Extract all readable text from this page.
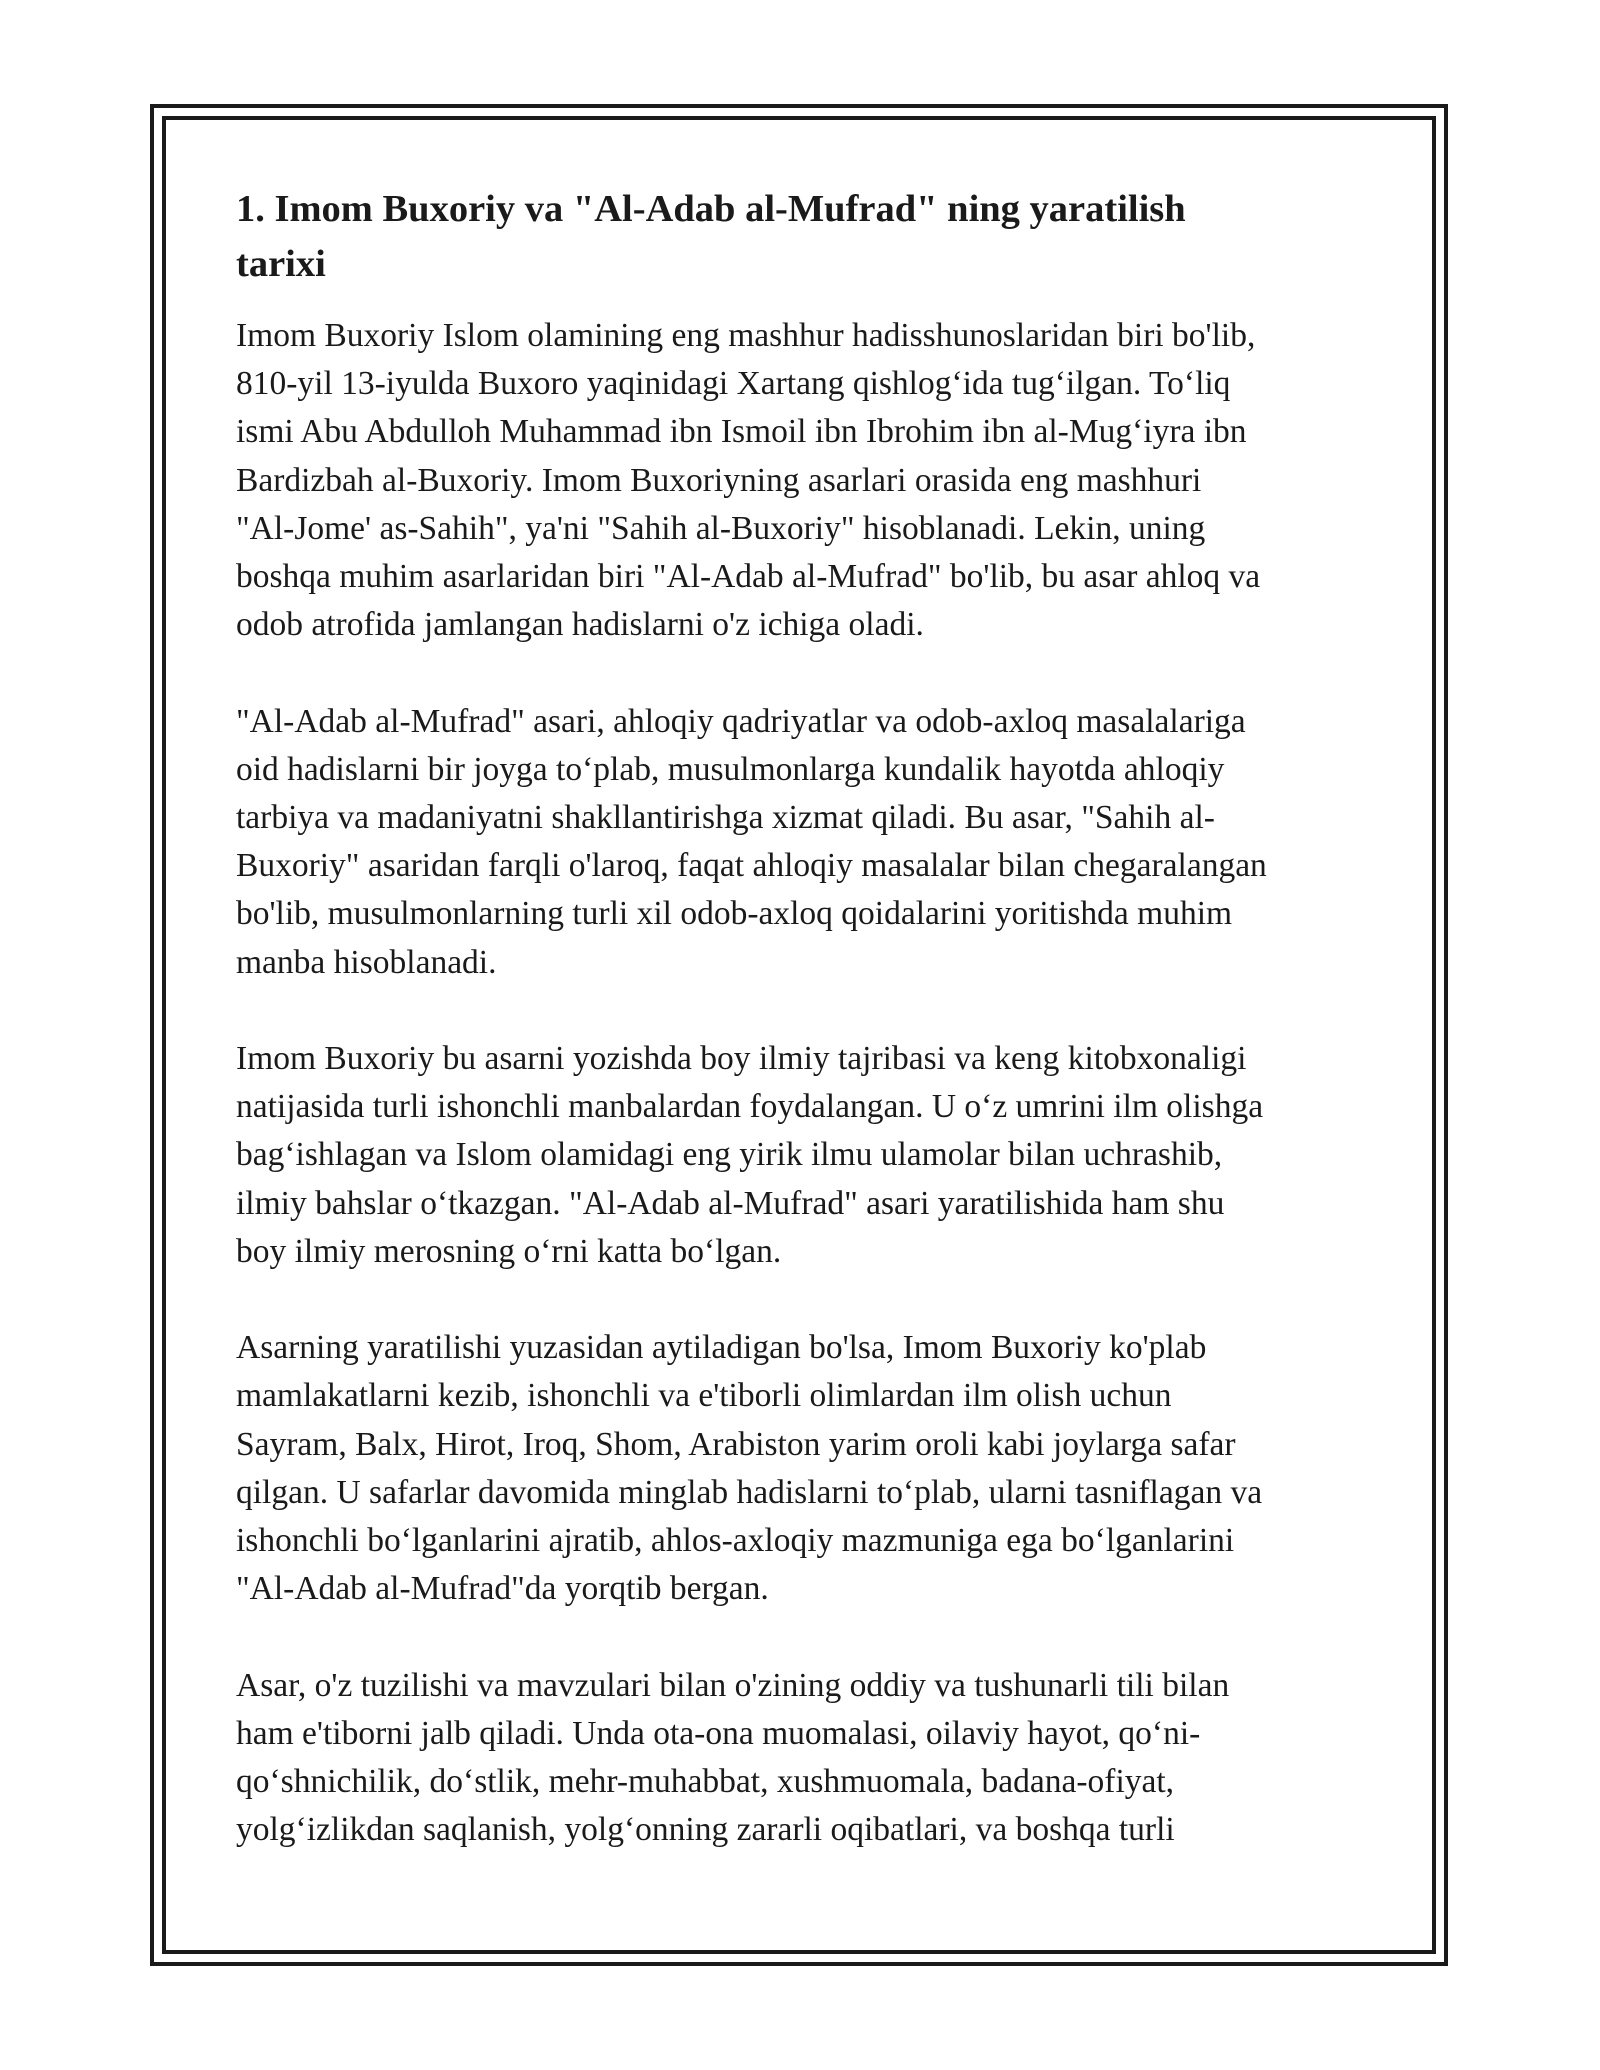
1. Imom Buxoriy va "Al-Adab al-Mufrad" ning yaratilish
tarixi

Imom Buxoriy Islom olamining eng mashhur hadisshunoslaridan biri bo'lib,
810-yil 13-iyulda Buxoro yaqinidagi Xartang qishlog‘ida tug‘ilgan. To‘liq
ismi Abu Abdulloh Muhammad ibn Ismoil ibn Ibrohim ibn al-Mug‘iyra ibn
Bardizbah al-Buxoriy. Imom Buxoriyning asarlari orasida eng mashhuri
"Al-Jome' as-Sahih", ya'ni "Sahih al-Buxoriy" hisoblanadi. Lekin, uning
boshqa muhim asarlaridan biri "Al-Adab al-Mufrad" bo'lib, bu asar ahloq va
odob atrofida jamlangan hadislarni o'z ichiga oladi.

"Al-Adab al-Mufrad" asari, ahloqiy qadriyatlar va odob-axloq masalalariga
oid hadislarni bir joyga to‘plab, musulmonlarga kundalik hayotda ahloqiy
tarbiya va madaniyatni shakllantirishga xizmat qiladi. Bu asar, "Sahih al-
Buxoriy" asaridan farqli o'laroq, faqat ahloqiy masalalar bilan chegaralangan
bo'lib, musulmonlarning turli xil odob-axloq qoidalarini yoritishda muhim
manba hisoblanadi.

Imom Buxoriy bu asarni yozishda boy ilmiy tajribasi va keng kitobxonaligi
natijasida turli ishonchli manbalardan foydalangan. U o‘z umrini ilm olishga
bag‘ishlagan va Islom olamidagi eng yirik ilmu ulamolar bilan uchrashib,
ilmiy bahslar o‘tkazgan. "Al-Adab al-Mufrad" asari yaratilishida ham shu
boy ilmiy merosning o‘rni katta bo‘lgan.

Asarning yaratilishi yuzasidan aytiladigan bo'lsa, Imom Buxoriy ko'plab
mamlakatlarni kezib, ishonchli va e'tiborli olimlardan ilm olish uchun
Sayram, Balx, Hirot, Iroq, Shom, Arabiston yarim oroli kabi joylarga safar
qilgan. U safarlar davomida minglab hadislarni to‘plab, ularni tasniflagan va
ishonchli bo‘lganlarini ajratib, ahlos-axloqiy mazmuniga ega bo‘lganlarini
"Al-Adab al-Mufrad"da yorqtib bergan.

Asar, o'z tuzilishi va mavzulari bilan o'zining oddiy va tushunarli tili bilan
ham e'tiborni jalb qiladi. Unda ota-ona muomalasi, oilaviy hayot, qo‘ni-
qo‘shnichilik, do‘stlik, mehr-muhabbat, xushmuomala, badana-ofiyat,
yolg‘izlikdan saqlanish, yolg‘onning zararli oqibatlari, va boshqa turli
